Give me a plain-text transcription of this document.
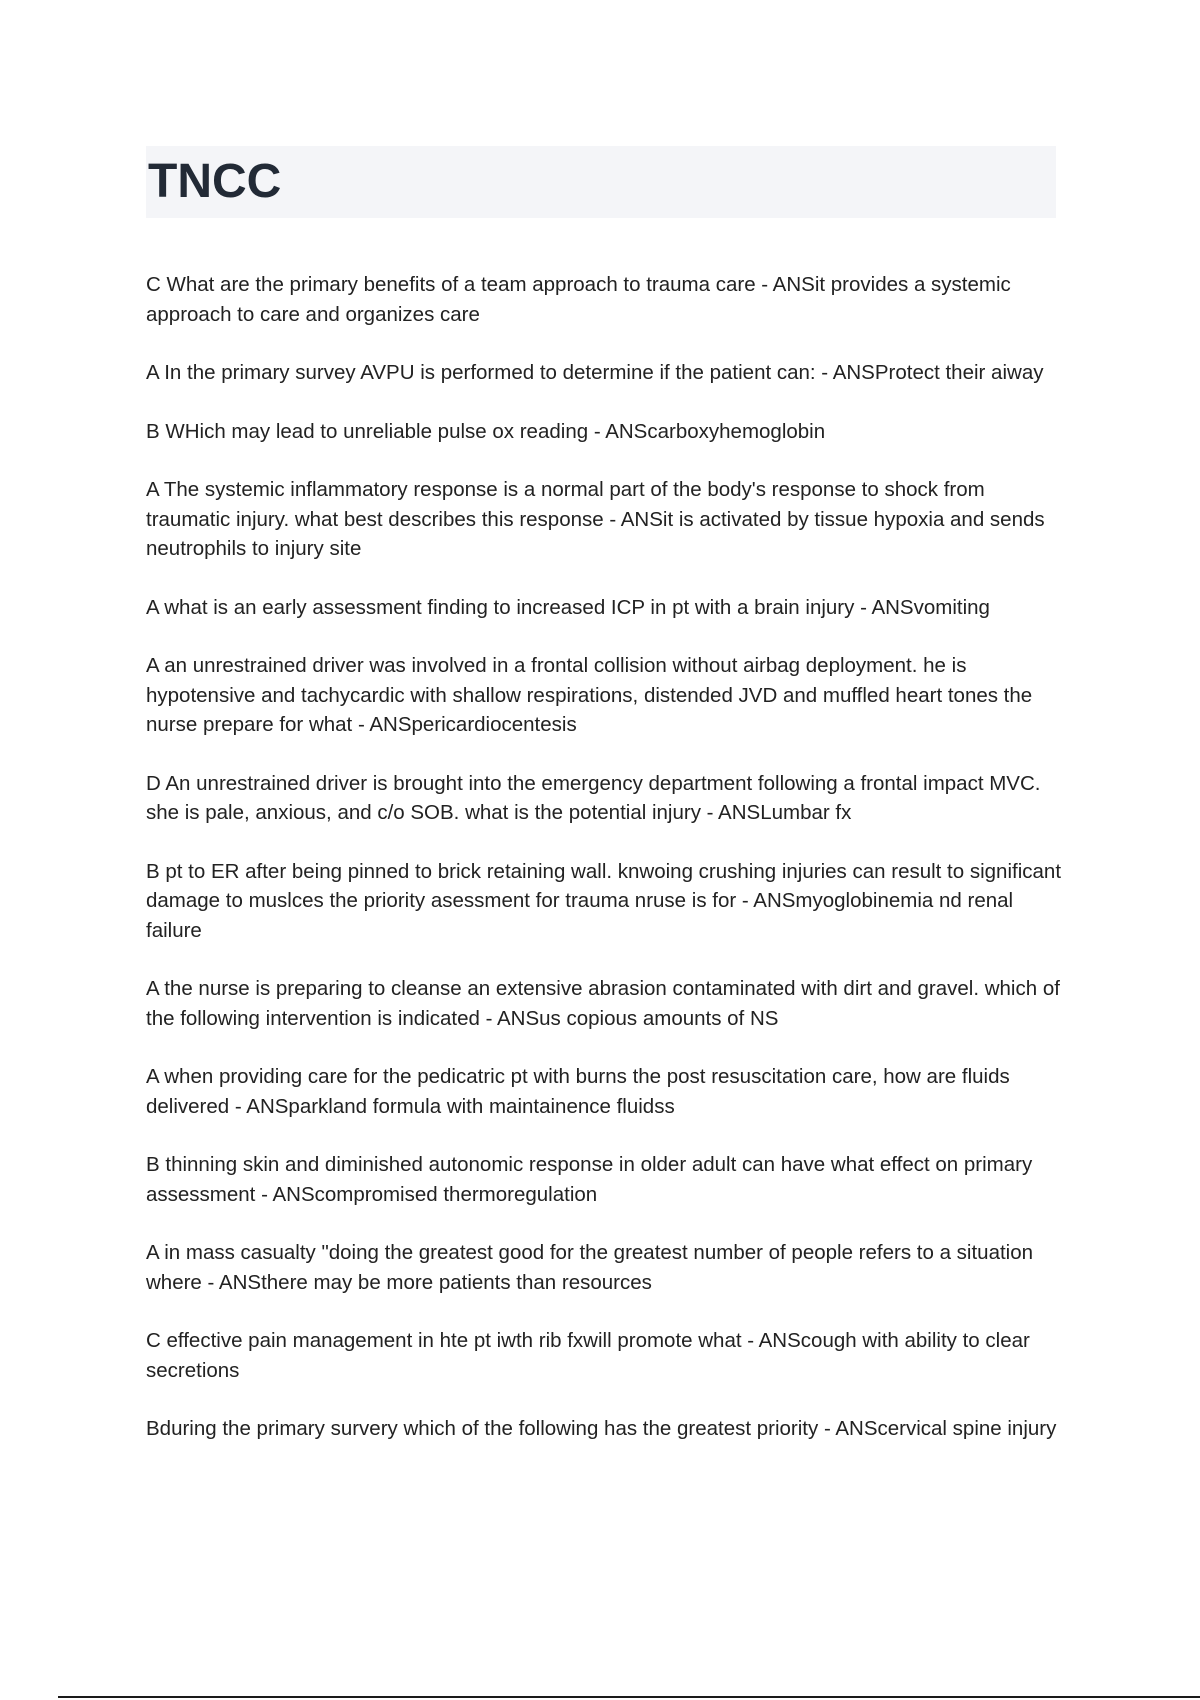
TNCC
C What are the primary benefits of a team approach to trauma care - ANSit provides a systemic approach to care and organizes care
A In the primary survey AVPU is performed to determine if the patient can: - ANSProtect their aiway
B WHich may lead to unreliable pulse ox reading - ANScarboxyhemoglobin
A The systemic inflammatory response is a normal part of the body's response to shock from traumatic injury. what best describes this response - ANSit is activated by tissue hypoxia and sends neutrophils to injury site
A what is an early assessment finding to increased ICP in pt with a brain injury - ANSvomiting
A an unrestrained driver was involved in a frontal collision without airbag deployment. he is hypotensive and tachycardic with shallow respirations, distended JVD and muffled heart tones the nurse prepare for what - ANSpericardiocentesis
D An unrestrained driver is brought into the emergency department following a frontal impact MVC. she is pale, anxious, and c/o SOB. what is the potential injury - ANSLumbar fx
B pt to ER after being pinned to brick retaining wall. knwoing crushing injuries can result to significant damage to muslces the priority asessment for trauma nruse is for - ANSmyoglobinemia nd renal failure
A the nurse is preparing to cleanse an extensive abrasion contaminated with dirt and gravel. which of the following intervention is indicated - ANSus copious amounts of NS
A when providing care for the pedicatric pt with burns the post resuscitation care, how are fluids delivered - ANSparkland formula with maintainence fluidss
B thinning skin and diminished autonomic response in older adult can have what effect on primary assessment - ANScompromised thermoregulation
A in mass casualty "doing the greatest good for the greatest number of people refers to a situation where - ANSthere may be more patients than resources
C effective pain management in hte pt iwth rib fxwill promote what - ANScough with ability to clear secretions
Bduring the primary survery which of the following has the greatest priority - ANScervical spine injury
